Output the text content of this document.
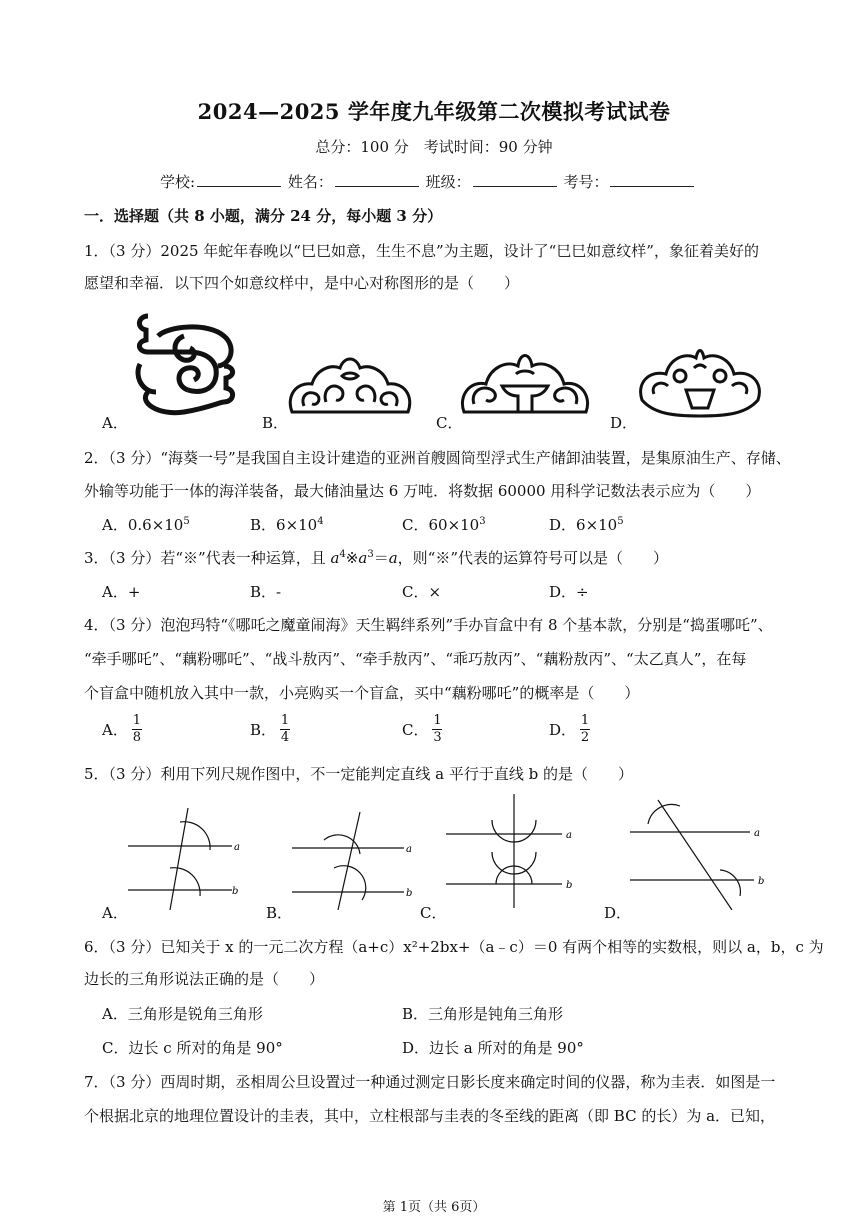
2024—2025 学年度九年级第二次模拟考试试卷
总分：100 分　考试时间：90 分钟
学校:	姓名：	班级：	考号：
一．选择题（共 8 小题，满分 24 分，每小题 3 分）
1．（3 分）2025 年蛇年春晚以“巳巳如意，生生不息”为主题，设计了“巳巳如意纹样”，象征着美好的
愿望和幸福．以下四个如意纹样中，是中心对称图形的是（　　）
A．	B．	C．	D．
2．（3 分）“海葵一号”是我国自主设计建造的亚洲首艘圆筒型浮式生产储卸油装置，是集原油生产、存储、
外输等功能于一体的海洋装备，最大储油量达 6 万吨．将数据 60000 用科学记数法表示应为（　　）
A．$0.6\times 10^5$	B．$6\times 10^4$	C．$60\times 10^3$	D．$6\times 10^5$
3．（3 分）若“※”代表一种运算，且 $a^4※a^3=a$，则“※”代表的运算符号可以是（　　）
A．+	B．-	C．×	D．÷
4．（3 分）泡泡玛特“《哪吒之魔童闹海》天生羁绊系列”手办盲盒中有 8 个基本款，分别是“捣蛋哪吒”、
“牵手哪吒”、“藕粉哪吒”、“战斗敖丙”、“牵手敖丙”、“乖巧敖丙”、“藕粉敖丙”、“太乙真人”，在每
个盲盒中随机放入其中一款，小亮购买一个盲盒，买中“藕粉哪吒”的概率是（　　）
A． $\frac{1}{8}$	B． $\frac{1}{4}$	C． $\frac{1}{3}$	D． $\frac{1}{2}$
5．（3 分）利用下列尺规作图中，不一定能判定直线 a 平行于直线 b 的是（　　）
A．	B．	C．	D．
a
b
a
b
a
b
a
b
6．（3 分）已知关于 x 的一元二次方程（a+c）x²+2bx+（a﹣c）＝0 有两个相等的实数根，则以 a，b，c 为
边长的三角形说法正确的是（　　）
A．三角形是锐角三角形	B．三角形是钝角三角形
C．边长 c 所对的角是 90°	D．边长 a 所对的角是 90°
7．（3 分）西周时期，丞相周公旦设置过一种通过测定日影长度来确定时间的仪器，称为圭表．如图是一
个根据北京的地理位置设计的圭表，其中，立柱根部与圭表的冬至线的距离（即 BC 的长）为 a．已知，
第 1页（共 6页）
